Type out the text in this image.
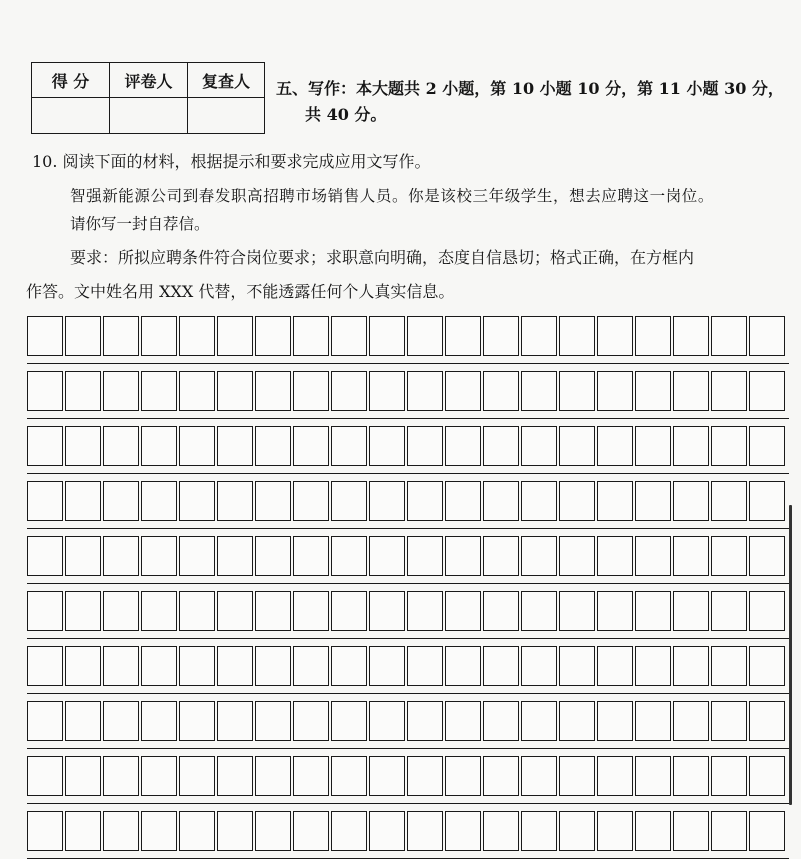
得 分	评卷人	复查人
		五、写作：本大题共 2 小题，第 10 小题 10 分，第 11 小题 30 分，
共 40 分。
10. 阅读下面的材料，根据提示和要求完成应用文写作。
智强新能源公司到春发职高招聘市场销售人员。你是该校三年级学生，想去应聘这一岗位。
请你写一封自荐信。
要求：所拟应聘条件符合岗位要求；求职意向明确，态度自信恳切；格式正确，在方框内
作答。文中姓名用 XXX 代替，不能透露任何个人真实信息。
